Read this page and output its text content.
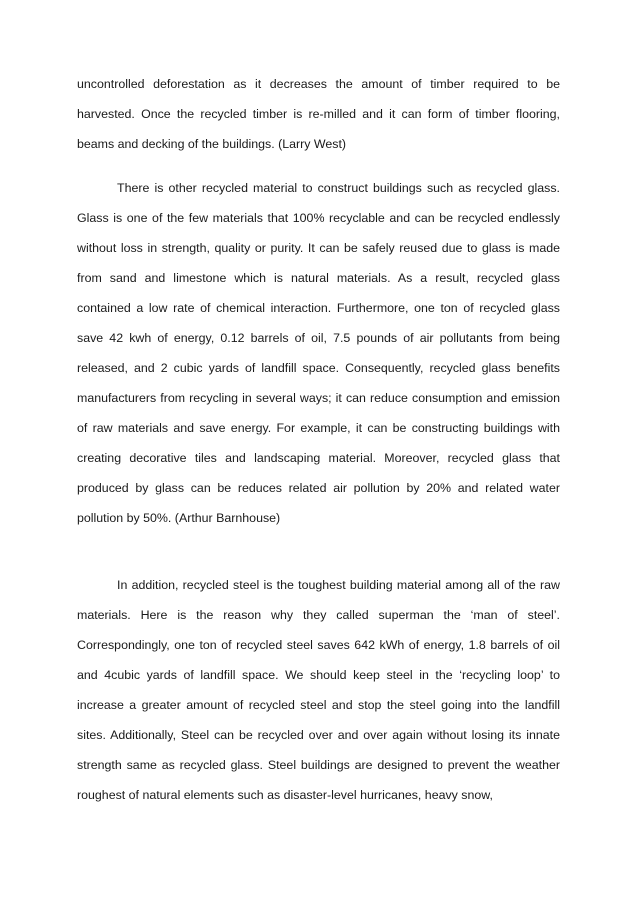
uncontrolled deforestation as it decreases the amount of timber required to be harvested. Once the recycled timber is re-milled and it can form of timber flooring, beams and decking of the buildings. (Larry West)

There is other recycled material to construct buildings such as recycled glass. Glass is one of the few materials that 100% recyclable and can be recycled endlessly without loss in strength, quality or purity. It can be safely reused due to glass is made from sand and limestone which is natural materials. As a result, recycled glass contained a low rate of chemical interaction. Furthermore, one ton of recycled glass save 42 kwh of energy, 0.12 barrels of oil, 7.5 pounds of air pollutants from being released, and 2 cubic yards of landfill space. Consequently, recycled glass benefits manufacturers from recycling in several ways; it can reduce consumption and emission of raw materials and save energy. For example, it can be constructing buildings with creating decorative tiles and landscaping material. Moreover, recycled glass that produced by glass can be reduces related air pollution by 20% and related water pollution by 50%. (Arthur Barnhouse)

In addition, recycled steel is the toughest building material among all of the raw materials. Here is the reason why they called superman the ‘man of steel’. Correspondingly, one ton of recycled steel saves 642 kWh of energy, 1.8 barrels of oil and 4cubic yards of landfill space. We should keep steel in the ‘recycling loop’ to increase a greater amount of recycled steel and stop the steel going into the landfill sites. Additionally, Steel can be recycled over and over again without losing its innate strength same as recycled glass. Steel buildings are designed to prevent the weather roughest of natural elements such as disaster-level hurricanes, heavy snow,
